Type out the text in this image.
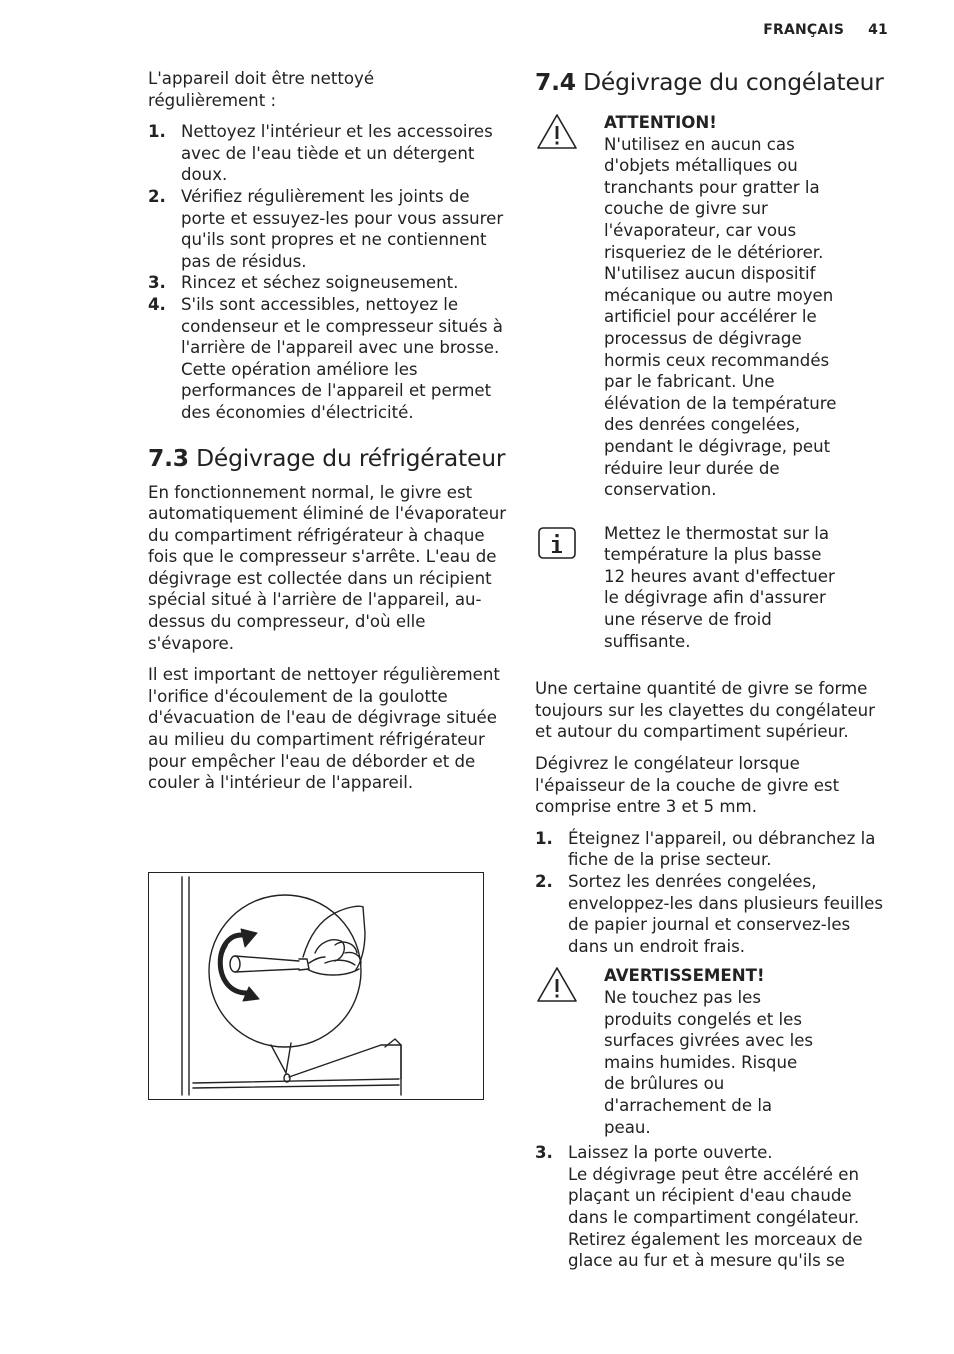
FRANÇAIS 41

L'appareil doit être nettoyé régulièrement :

1. Nettoyez l'intérieur et les accessoires avec de l'eau tiède et un détergent doux.
2. Vérifiez régulièrement les joints de porte et essuyez-les pour vous assurer qu'ils sont propres et ne contiennent pas de résidus.
3. Rincez et séchez soigneusement.
4. S'ils sont accessibles, nettoyez le condenseur et le compresseur situés à l'arrière de l'appareil avec une brosse.
Cette opération améliore les performances de l'appareil et permet des économies d'électricité.
7.3 Dégivrage du réfrigérateur

En fonctionnement normal, le givre est automatiquement éliminé de l'évaporateur du compartiment réfrigérateur à chaque fois que le compresseur s'arrête. L'eau de dégivrage est collectée dans un récipient spécial situé à l'arrière de l'appareil, au-dessus du compresseur, d'où elle s'évapore.

Il est important de nettoyer régulièrement l'orifice d'écoulement de la goulotte d'évacuation de l'eau de dégivrage située au milieu du compartiment réfrigérateur pour empêcher l'eau de déborder et de couler à l'intérieur de l'appareil.

7.4 Dégivrage du congélateur
ATTENTION!
N'utilisez en aucun cas d'objets métalliques ou tranchants pour gratter la couche de givre sur l'évaporateur, car vous risqueriez de le détériorer. N'utilisez aucun dispositif mécanique ou autre moyen artificiel pour accélérer le processus de dégivrage hormis ceux recommandés par le fabricant. Une élévation de la température des denrées congelées, pendant le dégivrage, peut réduire leur durée de conservation.
Mettez le thermostat sur la température la plus basse 12 heures avant d'effectuer le dégivrage afin d'assurer une réserve de froid suffisante.

Une certaine quantité de givre se forme toujours sur les clayettes du congélateur et autour du compartiment supérieur.

Dégivrez le congélateur lorsque l'épaisseur de la couche de givre est comprise entre 3 et 5 mm.

1. Éteignez l'appareil, ou débranchez la fiche de la prise secteur.
2. Sortez les denrées congelées, enveloppez-les dans plusieurs feuilles de papier journal et conservez-les dans un endroit frais.
AVERTISSEMENT!
Ne touchez pas les produits congelés et les surfaces givrées avec les mains humides. Risque de brûlures ou d'arrachement de la peau.
3. Laissez la porte ouverte.
Le dégivrage peut être accéléré en plaçant un récipient d'eau chaude dans le compartiment congélateur. Retirez également les morceaux de glace au fur et à mesure qu'ils se
